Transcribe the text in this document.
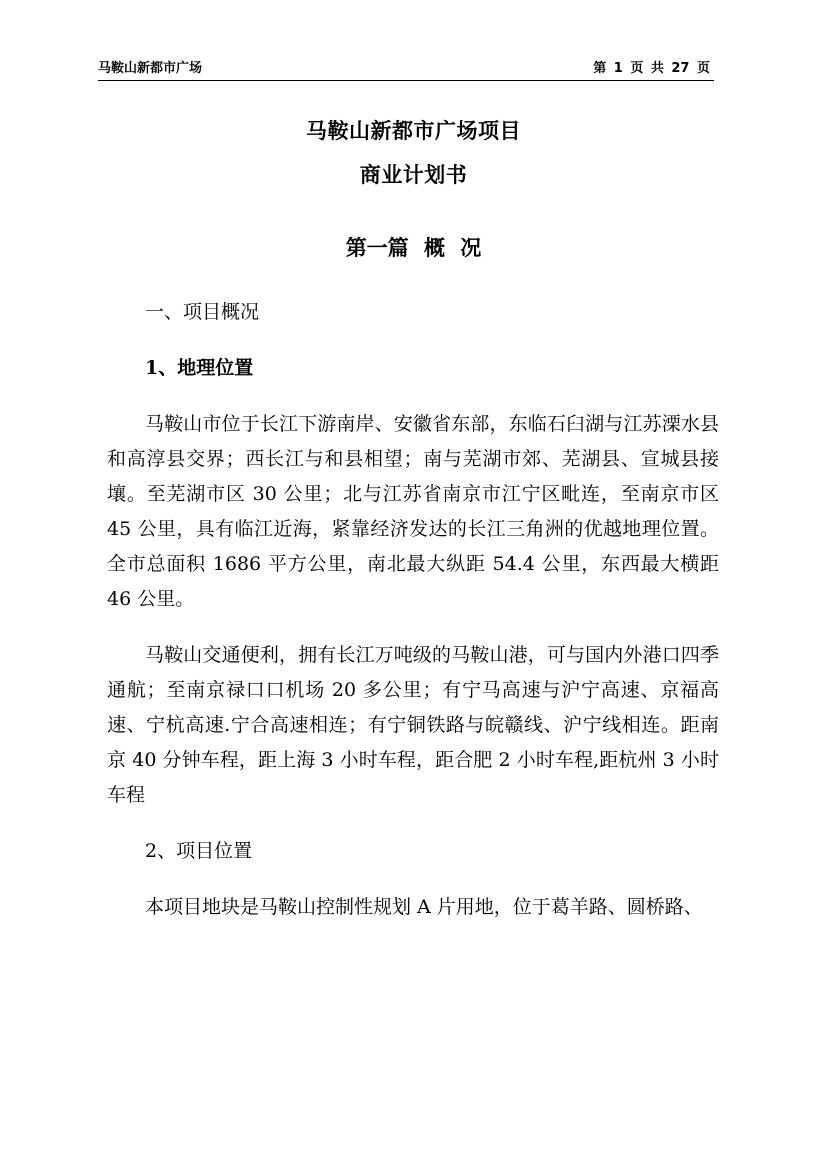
马鞍山新都市广场	第 1 页 共 27 页
马鞍山新都市广场项目
商业计划书
第一篇 概 况

一、项目概况

1、地理位置

马鞍山市位于长江下游南岸、安徽省东部，东临石臼湖与江苏溧水县和高淳县交界；西长江与和县相望；南与芜湖市郊、芜湖县、宣城县接壤。至芜湖市区 30 公里；北与江苏省南京市江宁区毗连，至南京市区 45 公里，具有临江近海，紧靠经济发达的长江三角洲的优越地理位置。全市总面积 1686 平方公里，南北最大纵距 54.4 公里，东西最大横距 46 公里。

马鞍山交通便利，拥有长江万吨级的马鞍山港，可与国内外港口四季通航；至南京禄口口机场 20 多公里；有宁马高速与沪宁高速、京福高速、宁杭高速.宁合高速相连；有宁铜铁路与皖赣线、沪宁线相连。距南京 40 分钟车程，距上海 3 小时车程，距合肥 2 小时车程,距杭州 3 小时车程

2、项目位置

本项目地块是马鞍山控制性规划 A 片用地，位于葛羊路、圆桥路、
